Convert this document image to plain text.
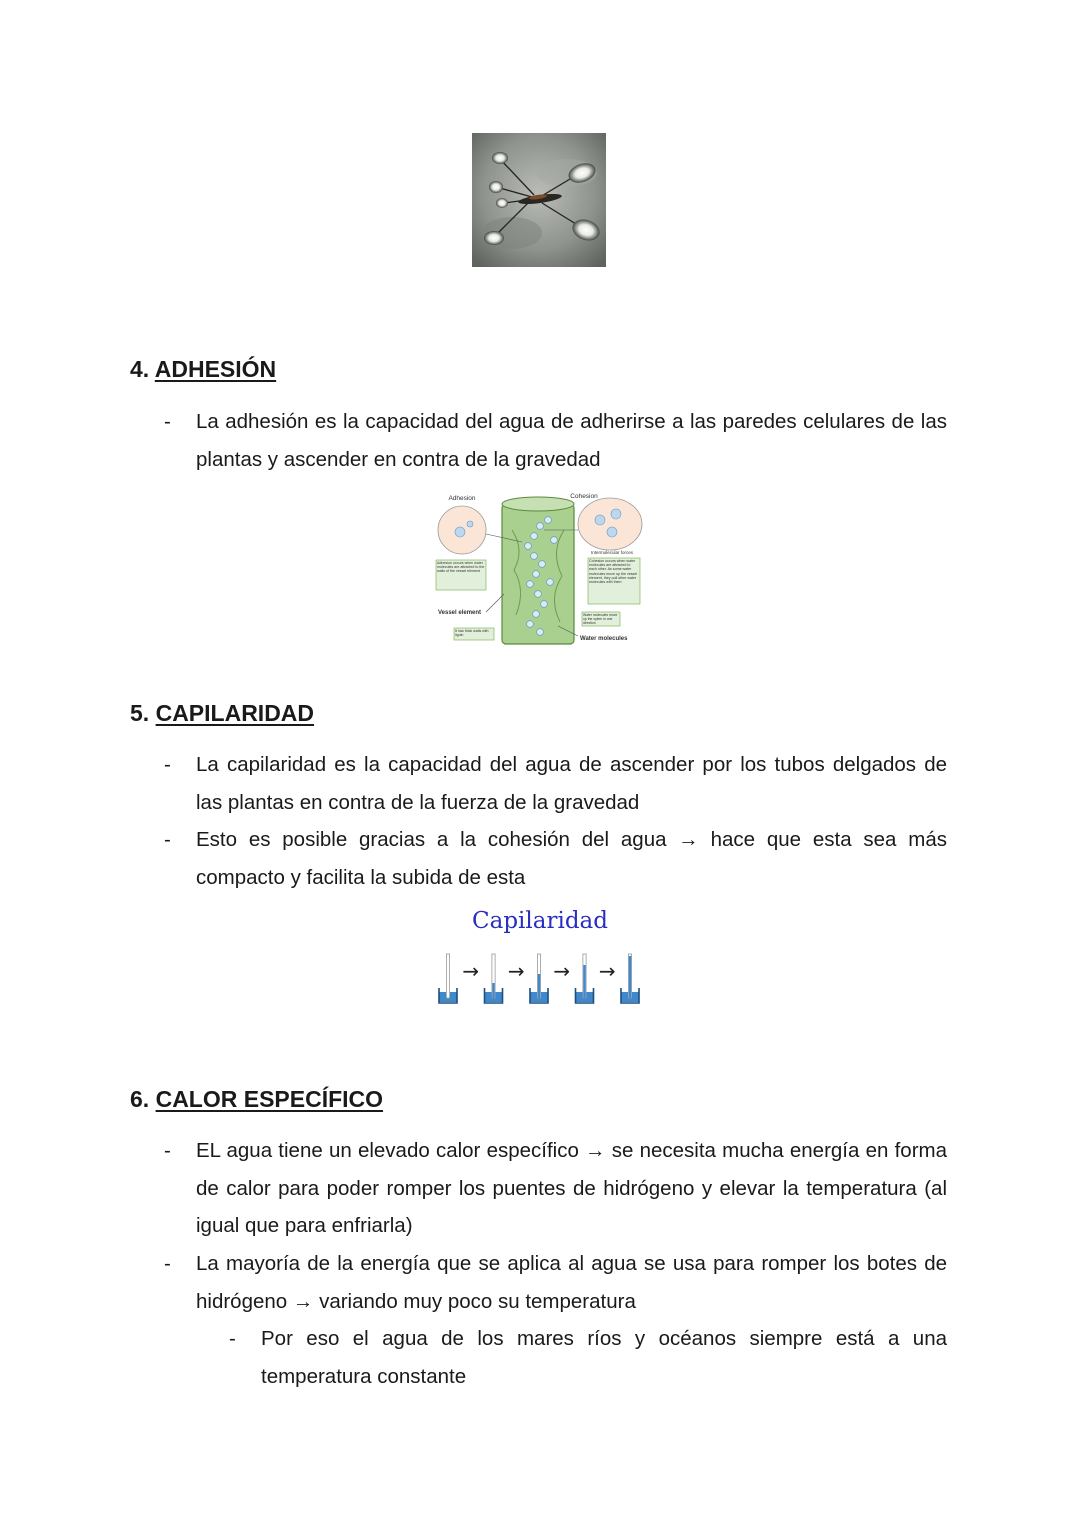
4. ADHESIÓN

- La adhesión es la capacidad del agua de adherirse a las paredes celulares de las plantas y ascender en contra de la gravedad

Adhesion	Cohesion
Intermolecular forces
Adhesion occurs when water molecules are attracted to the walls of the vessel element
Vessel element
It has thick walls with lignin
Cohesion occurs when water molecules are attracted to each other. As some water molecules move up the vessel element, they pull other water molecules with them
Water molecules move up the xylem in one direction
Water molecules
5. CAPILARIDAD

- La capilaridad es la capacidad del agua de ascender por los tubos delgados de las plantas en contra de la fuerza de la gravedad

- Esto es posible gracias a la cohesión del agua → hace que esta sea más compacto y facilita la subida de esta

Capilaridad
→ → → →
6. CALOR ESPECÍFICO

- EL agua tiene un elevado calor específico → se necesita mucha energía en forma de calor para poder romper los puentes de hidrógeno y elevar la temperatura (al igual que para enfriarla)

- La mayoría de la energía que se aplica al agua se usa para romper los botes de hidrógeno → variando muy poco su temperatura

- Por eso el agua de los mares ríos y océanos siempre está a una temperatura constante
